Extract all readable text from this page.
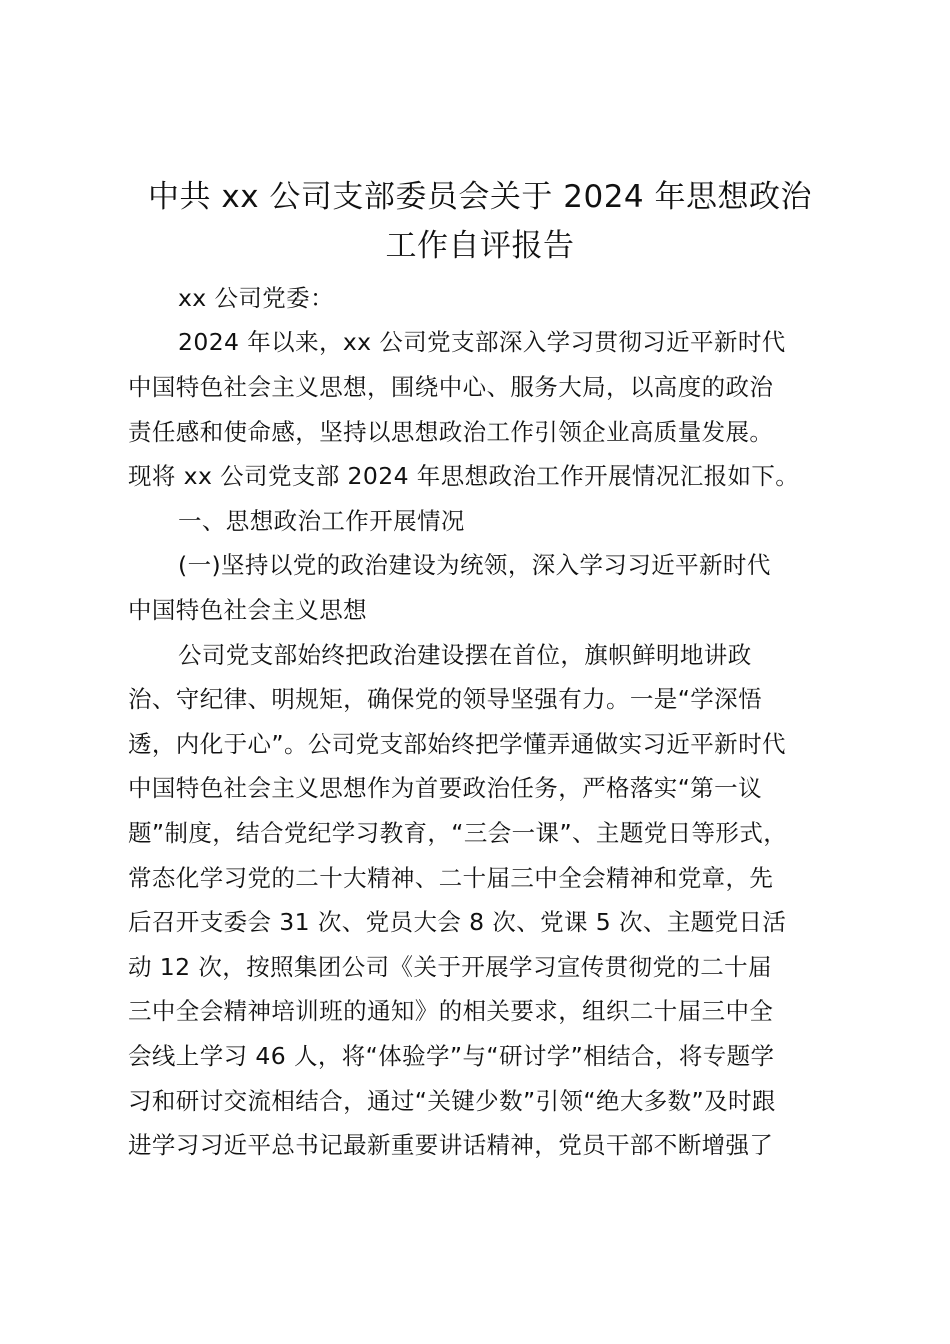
中共 xx 公司支部委员会关于 2024 年思想政治
工作自评报告
xx 公司党委：
2024 年以来，xx 公司党支部深入学习贯彻习近平新时代
中国特色社会主义思想，围绕中心、服务大局，以高度的政治
责任感和使命感，坚持以思想政治工作引领企业高质量发展。
现将 xx 公司党支部 2024 年思想政治工作开展情况汇报如下。
一、思想政治工作开展情况
(一)坚持以党的政治建设为统领，深入学习习近平新时代
中国特色社会主义思想
公司党支部始终把政治建设摆在首位，旗帜鲜明地讲政
治、守纪律、明规矩，确保党的领导坚强有力。一是“学深悟
透，内化于心”。公司党支部始终把学懂弄通做实习近平新时代
中国特色社会主义思想作为首要政治任务，严格落实“第一议
题”制度，结合党纪学习教育，“三会一课”、主题党日等形式，
常态化学习党的二十大精神、二十届三中全会精神和党章，先
后召开支委会 31 次、党员大会 8 次、党课 5 次、主题党日活
动 12 次，按照集团公司《关于开展学习宣传贯彻党的二十届
三中全会精神培训班的通知》的相关要求，组织二十届三中全
会线上学习 46 人，将“体验学”与“研讨学”相结合，将专题学
习和研讨交流相结合，通过“关键少数”引领“绝大多数”及时跟
进学习习近平总书记最新重要讲话精神，党员干部不断增强了
